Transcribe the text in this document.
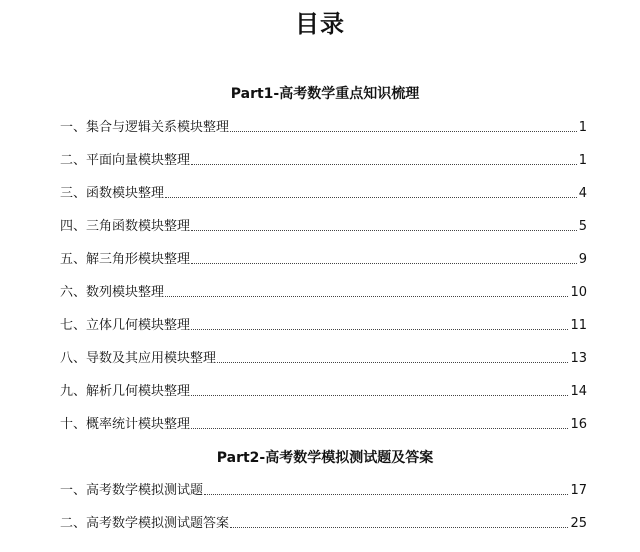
目录
Part1-高考数学重点知识梳理
一、集合与逻辑关系模块整理	1
二、平面向量模块整理	1
三、函数模块整理	4
四、三角函数模块整理	5
五、解三角形模块整理	9
六、数列模块整理	10
七、立体几何模块整理	11
八、导数及其应用模块整理	13
九、解析几何模块整理	14
十、概率统计模块整理	16
Part2-高考数学模拟测试题及答案
一、高考数学模拟测试题	17
二、高考数学模拟测试题答案	25
